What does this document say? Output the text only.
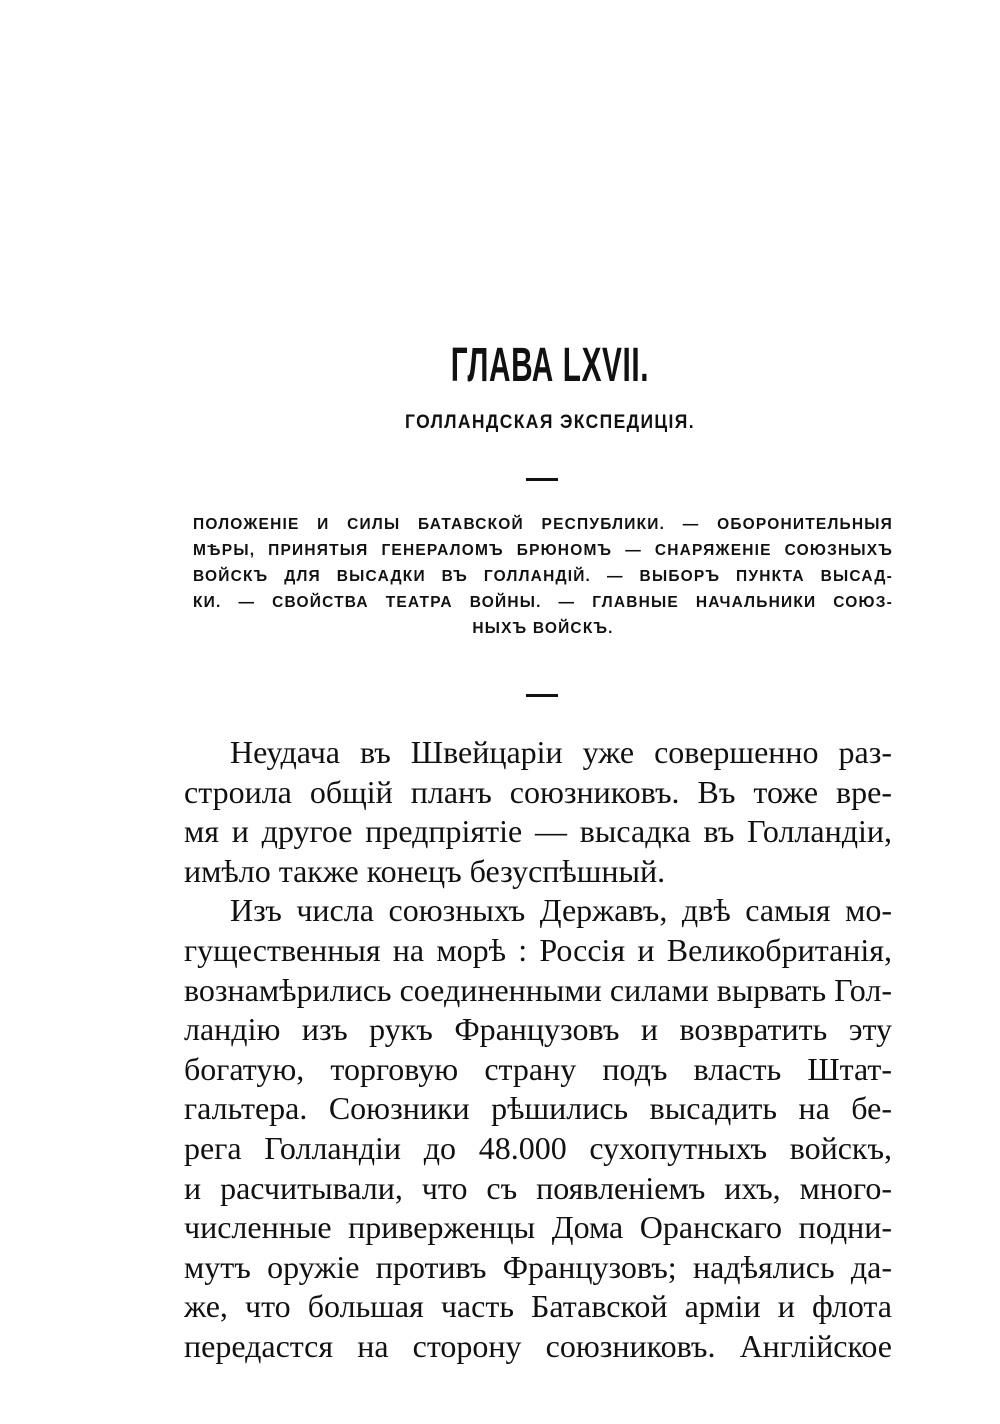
ГЛАВА LXVII.
ГОЛЛАНДСКАЯ ЭКСПЕДИЦІЯ.
ПОЛОЖЕНІЕ И СИЛЫ БАТАВСКОЙ РЕСПУБЛИКИ. — ОБОРОНИТЕЛЬНЫЯ
МѢРЫ, ПРИНЯТЫЯ ГЕНЕРАЛОМЪ БРЮНОМЪ — СНАРЯЖЕНІЕ СОЮЗНЫХЪ
ВОЙСКЪ ДЛЯ ВЫСАДКИ ВЪ ГОЛЛАНДІЙ. — ВЫБОРЪ ПУНКТА ВЫСАД-
КИ. — СВОЙСТВА ТЕАТРА ВОЙНЫ. — ГЛАВНЫЕ НАЧАЛЬНИКИ СОЮЗ-
НЫХЪ ВОЙСКЪ.
Неудача въ Швейцаріи уже совершенно раз-
строила общій планъ союзниковъ. Въ тоже вре-
мя и другое предпріятіе — высадка въ Голландіи,
имѣло также конецъ безуспѣшный.
Изъ числа союзныхъ Державъ, двѣ самыя мо-
гущественныя на морѣ : Россія и Великобританія,
вознамѣрились соединенными силами вырвать Гол-
ландію изъ рукъ Французовъ и возвратить эту
богатую, торговую страну подъ власть Штат-
гальтера. Союзники рѣшились высадить на бе-
рега Голландіи до 48.000 сухопутныхъ войскъ,
и расчитывали, что съ появленіемъ ихъ, много-
численные приверженцы Дома Оранскаго подни-
мутъ оружіе противъ Французовъ; надѣялись да-
же, что большая часть Батавской арміи и флота
передастся на сторону союзниковъ. Англійское
